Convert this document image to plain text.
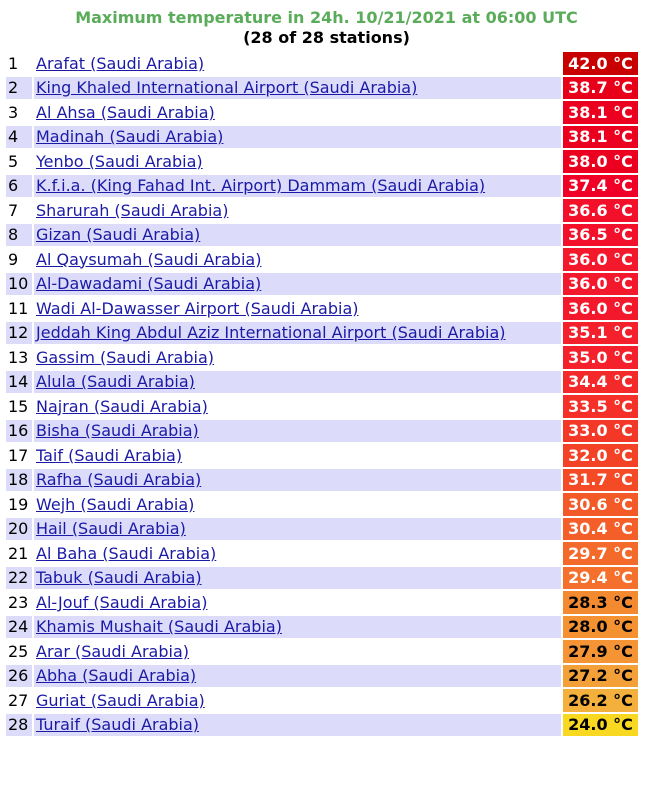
Maximum temperature in 24h. 10/21/2021 at 06:00 UTC
(28 of 28 stations)
1	Arafat (Saudi Arabia)	42.0 °C
2	King Khaled International Airport (Saudi Arabia)	38.7 °C
3	Al Ahsa (Saudi Arabia)	38.1 °C
4	Madinah (Saudi Arabia)	38.1 °C
5	Yenbo (Saudi Arabia)	38.0 °C
6	K.f.i.a. (King Fahad Int. Airport) Dammam (Saudi Arabia)	37.4 °C
7	Sharurah (Saudi Arabia)	36.6 °C
8	Gizan (Saudi Arabia)	36.5 °C
9	Al Qaysumah (Saudi Arabia)	36.0 °C
10	Al-Dawadami (Saudi Arabia)	36.0 °C
11	Wadi Al-Dawasser Airport (Saudi Arabia)	36.0 °C
12	Jeddah King Abdul Aziz International Airport (Saudi Arabia)	35.1 °C
13	Gassim (Saudi Arabia)	35.0 °C
14	Alula (Saudi Arabia)	34.4 °C
15	Najran (Saudi Arabia)	33.5 °C
16	Bisha (Saudi Arabia)	33.0 °C
17	Taif (Saudi Arabia)	32.0 °C
18	Rafha (Saudi Arabia)	31.7 °C
19	Wejh (Saudi Arabia)	30.6 °C
20	Hail (Saudi Arabia)	30.4 °C
21	Al Baha (Saudi Arabia)	29.7 °C
22	Tabuk (Saudi Arabia)	29.4 °C
23	Al-Jouf (Saudi Arabia)	28.3 °C
24	Khamis Mushait (Saudi Arabia)	28.0 °C
25	Arar (Saudi Arabia)	27.9 °C
26	Abha (Saudi Arabia)	27.2 °C
27	Guriat (Saudi Arabia)	26.2 °C
28	Turaif (Saudi Arabia)	24.0 °C
